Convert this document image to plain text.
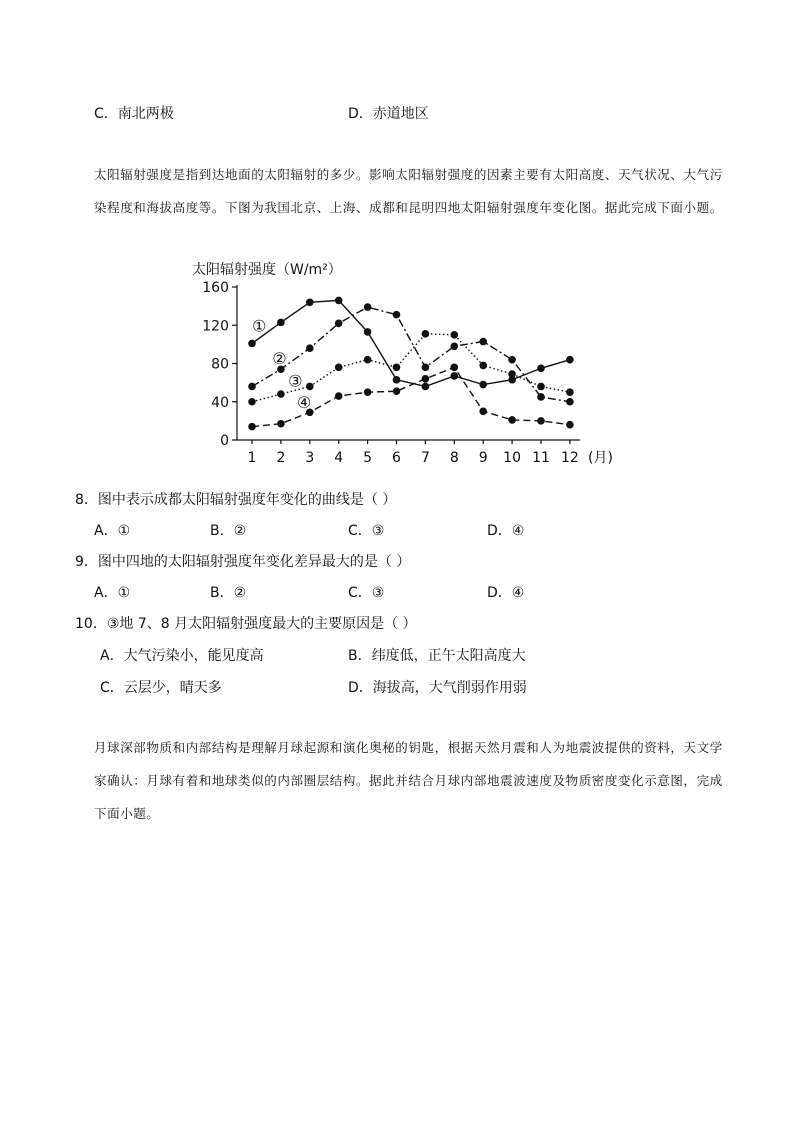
C．南北两极	D．赤道地区
太阳辐射强度是指到达地面的太阳辐射的多少。影响太阳辐射强度的因素主要有太阳高度、天气状况、大气污染程度和海拔高度等。下图为我国北京、上海、成都和昆明四地太阳辐射强度年变化图。据此完成下面小题。
太阳辐射强度（W/m²）
0
40
80
120
160
1 2 3 4 5 6 7 8 9 10 11 12
①
②
③
④
(月)
8．图中表示成都太阳辐射强度年变化的曲线是（ ）
A．①	B．②	C．③	D．④
9．图中四地的太阳辐射强度年变化差异最大的是（ ）
A．①	B．②	C．③	D．④
10．③地 7、8 月太阳辐射强度最大的主要原因是（ ）
A．大气污染小，能见度高	B．纬度低，正午太阳高度大
C．云层少，晴天多	D．海拔高，大气削弱作用弱
月球深部物质和内部结构是理解月球起源和演化奥秘的钥匙，根据天然月震和人为地震波提供的资料，天文学家确认：月球有着和地球类似的内部圈层结构。据此并结合月球内部地震波速度及物质密度变化示意图，完成下面小题。
